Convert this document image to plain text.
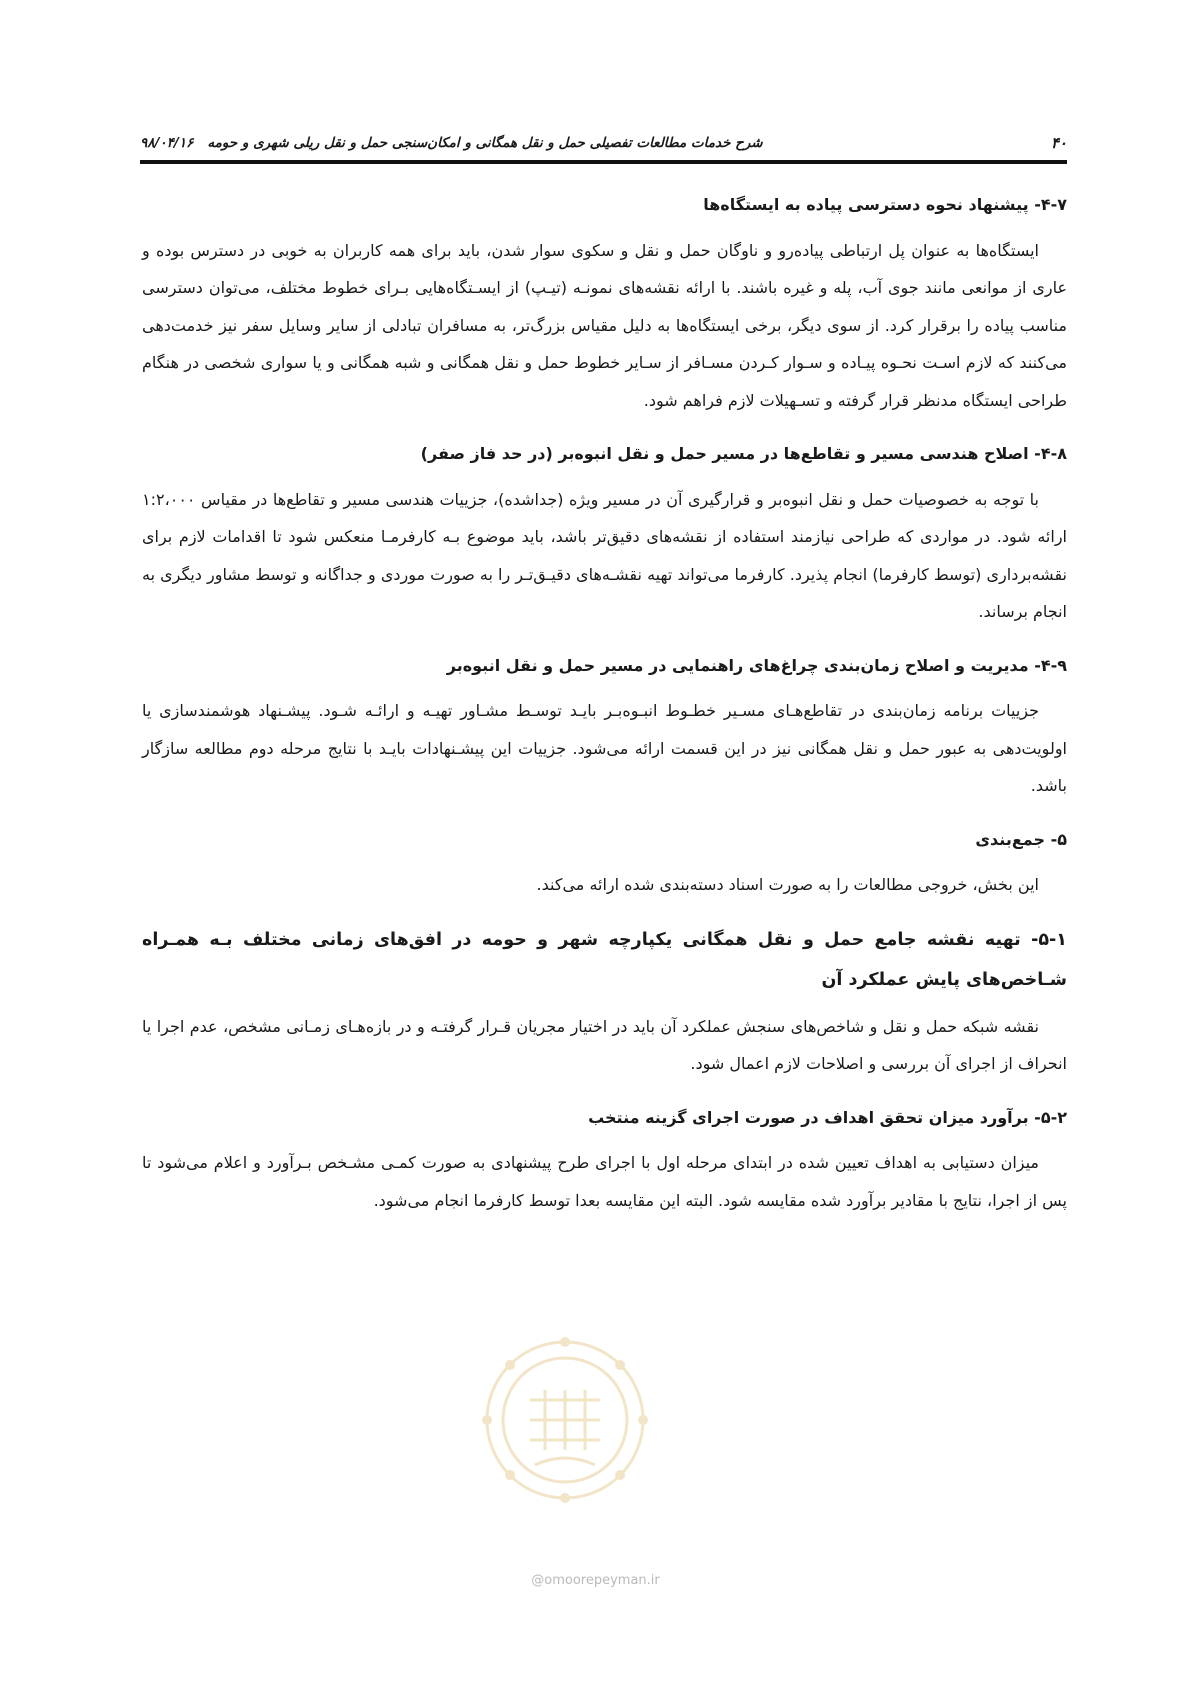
۴۰
شرح خدمات مطالعات تفصیلی حمل و نقل همگانی و امکان‌سنجی حمل و نقل ریلی شهری و حومه
۹۸/۰۴/۱۶
۴-۷- پیشنهاد نحوه دسترسی پیاده به ایستگاه‌ها

ایستگاه‌ها به عنوان پل ارتباطی پیاده‌رو و ناوگان حمل و نقل و سکوی سوار شدن، باید برای همه کاربران به خوبی در دسترس بوده و عاری از موانعی مانند جوی آب، پله و غیره باشند. با ارائه نقشه‌های نمونـه (تیـپ) از ایسـتگاه‌هایی بـرای خطوط مختلف، می‌توان دسترسی مناسب پیاده را برقرار کرد. از سوی دیگر، برخی ایستگاه‌ها به دلیل مقیاس بزرگ‌تر، به مسافران تبادلی از سایر وسایل سفر نیز خدمت‌دهی می‌کنند که لازم اسـت نحـوه پیـاده و سـوار کـردن مسـافر از سـایر خطوط حمل و نقل همگانی و شبه همگانی و یا سواری شخصی در هنگام طراحی ایستگاه مدنظر قرار گرفته و تسـهیلات لازم فراهم شود.

۴-۸- اصلاح هندسی مسیر و تقاطع‌ها در مسیر حمل و نقل انبوه‌بر (در حد فاز صفر)

با توجه به خصوصیات حمل و نقل انبوه‌بر و قرارگیری آن در مسیر ویژه (جداشده)، جزییات هندسی مسیر و تقاطع‌ها در مقیاس ۱:۲،۰۰۰ ارائه شود. در مواردی که طراحی نیازمند استفاده از نقشه‌های دقیق‌تر باشد، باید موضوع بـه کارفرمـا منعکس شود تا اقدامات لازم برای نقشه‌برداری (توسط کارفرما) انجام پذیرد. کارفرما می‌تواند تهیه نقشـه‌های دقیـق‌تـر را به صورت موردی و جداگانه و توسط مشاور دیگری به انجام برساند.

۴-۹- مدیریت و اصلاح زمان‌بندی چراغ‌های راهنمایی در مسیر حمل و نقل انبوه‌بر

جزییات برنامه زمان‌بندی در تقاطع‌هـای مسـیر خطـوط انبـوه‌بـر بایـد توسـط مشـاور تهیـه و ارائـه شـود. پیشـنهاد هوشمندسازی یا اولویت‌دهی به عبور حمل و نقل همگانی نیز در این قسمت ارائه می‌شود. جزییات این پیشـنهادات بایـد با نتایج مرحله دوم مطالعه سازگار باشد.

۵- جمع‌بندی

این بخش، خروجی مطالعات را به صورت اسناد دسته‌بندی شده ارائه می‌کند.

۵-۱- تهیه نقشه جامع حمل و نقل همگانی یکپارچه شهر و حومه در افق‌های زمانی مختلف بـه همـراه شـاخص‌های پایش عملکرد آن

نقشه شبکه حمل و نقل و شاخص‌های سنجش عملکرد آن باید در اختیار مجریان قـرار گرفتـه و در بازه‌هـای زمـانی مشخص، عدم اجرا یا انحراف از اجرای آن بررسی و اصلاحات لازم اعمال شود.

۵-۲- برآورد میزان تحقق اهداف در صورت اجرای گزینه منتخب

میزان دستیابی به اهداف تعیین شده در ابتدای مرحله اول با اجرای طرح پیشنهادی به صورت کمـی مشـخص بـرآورد و اعلام می‌شود تا پس از اجرا، نتایج با مقادیر برآورد شده مقایسه شود. البته این مقایسه بعدا توسط کارفرما انجام می‌شود.

@omoorepeyman.ir
